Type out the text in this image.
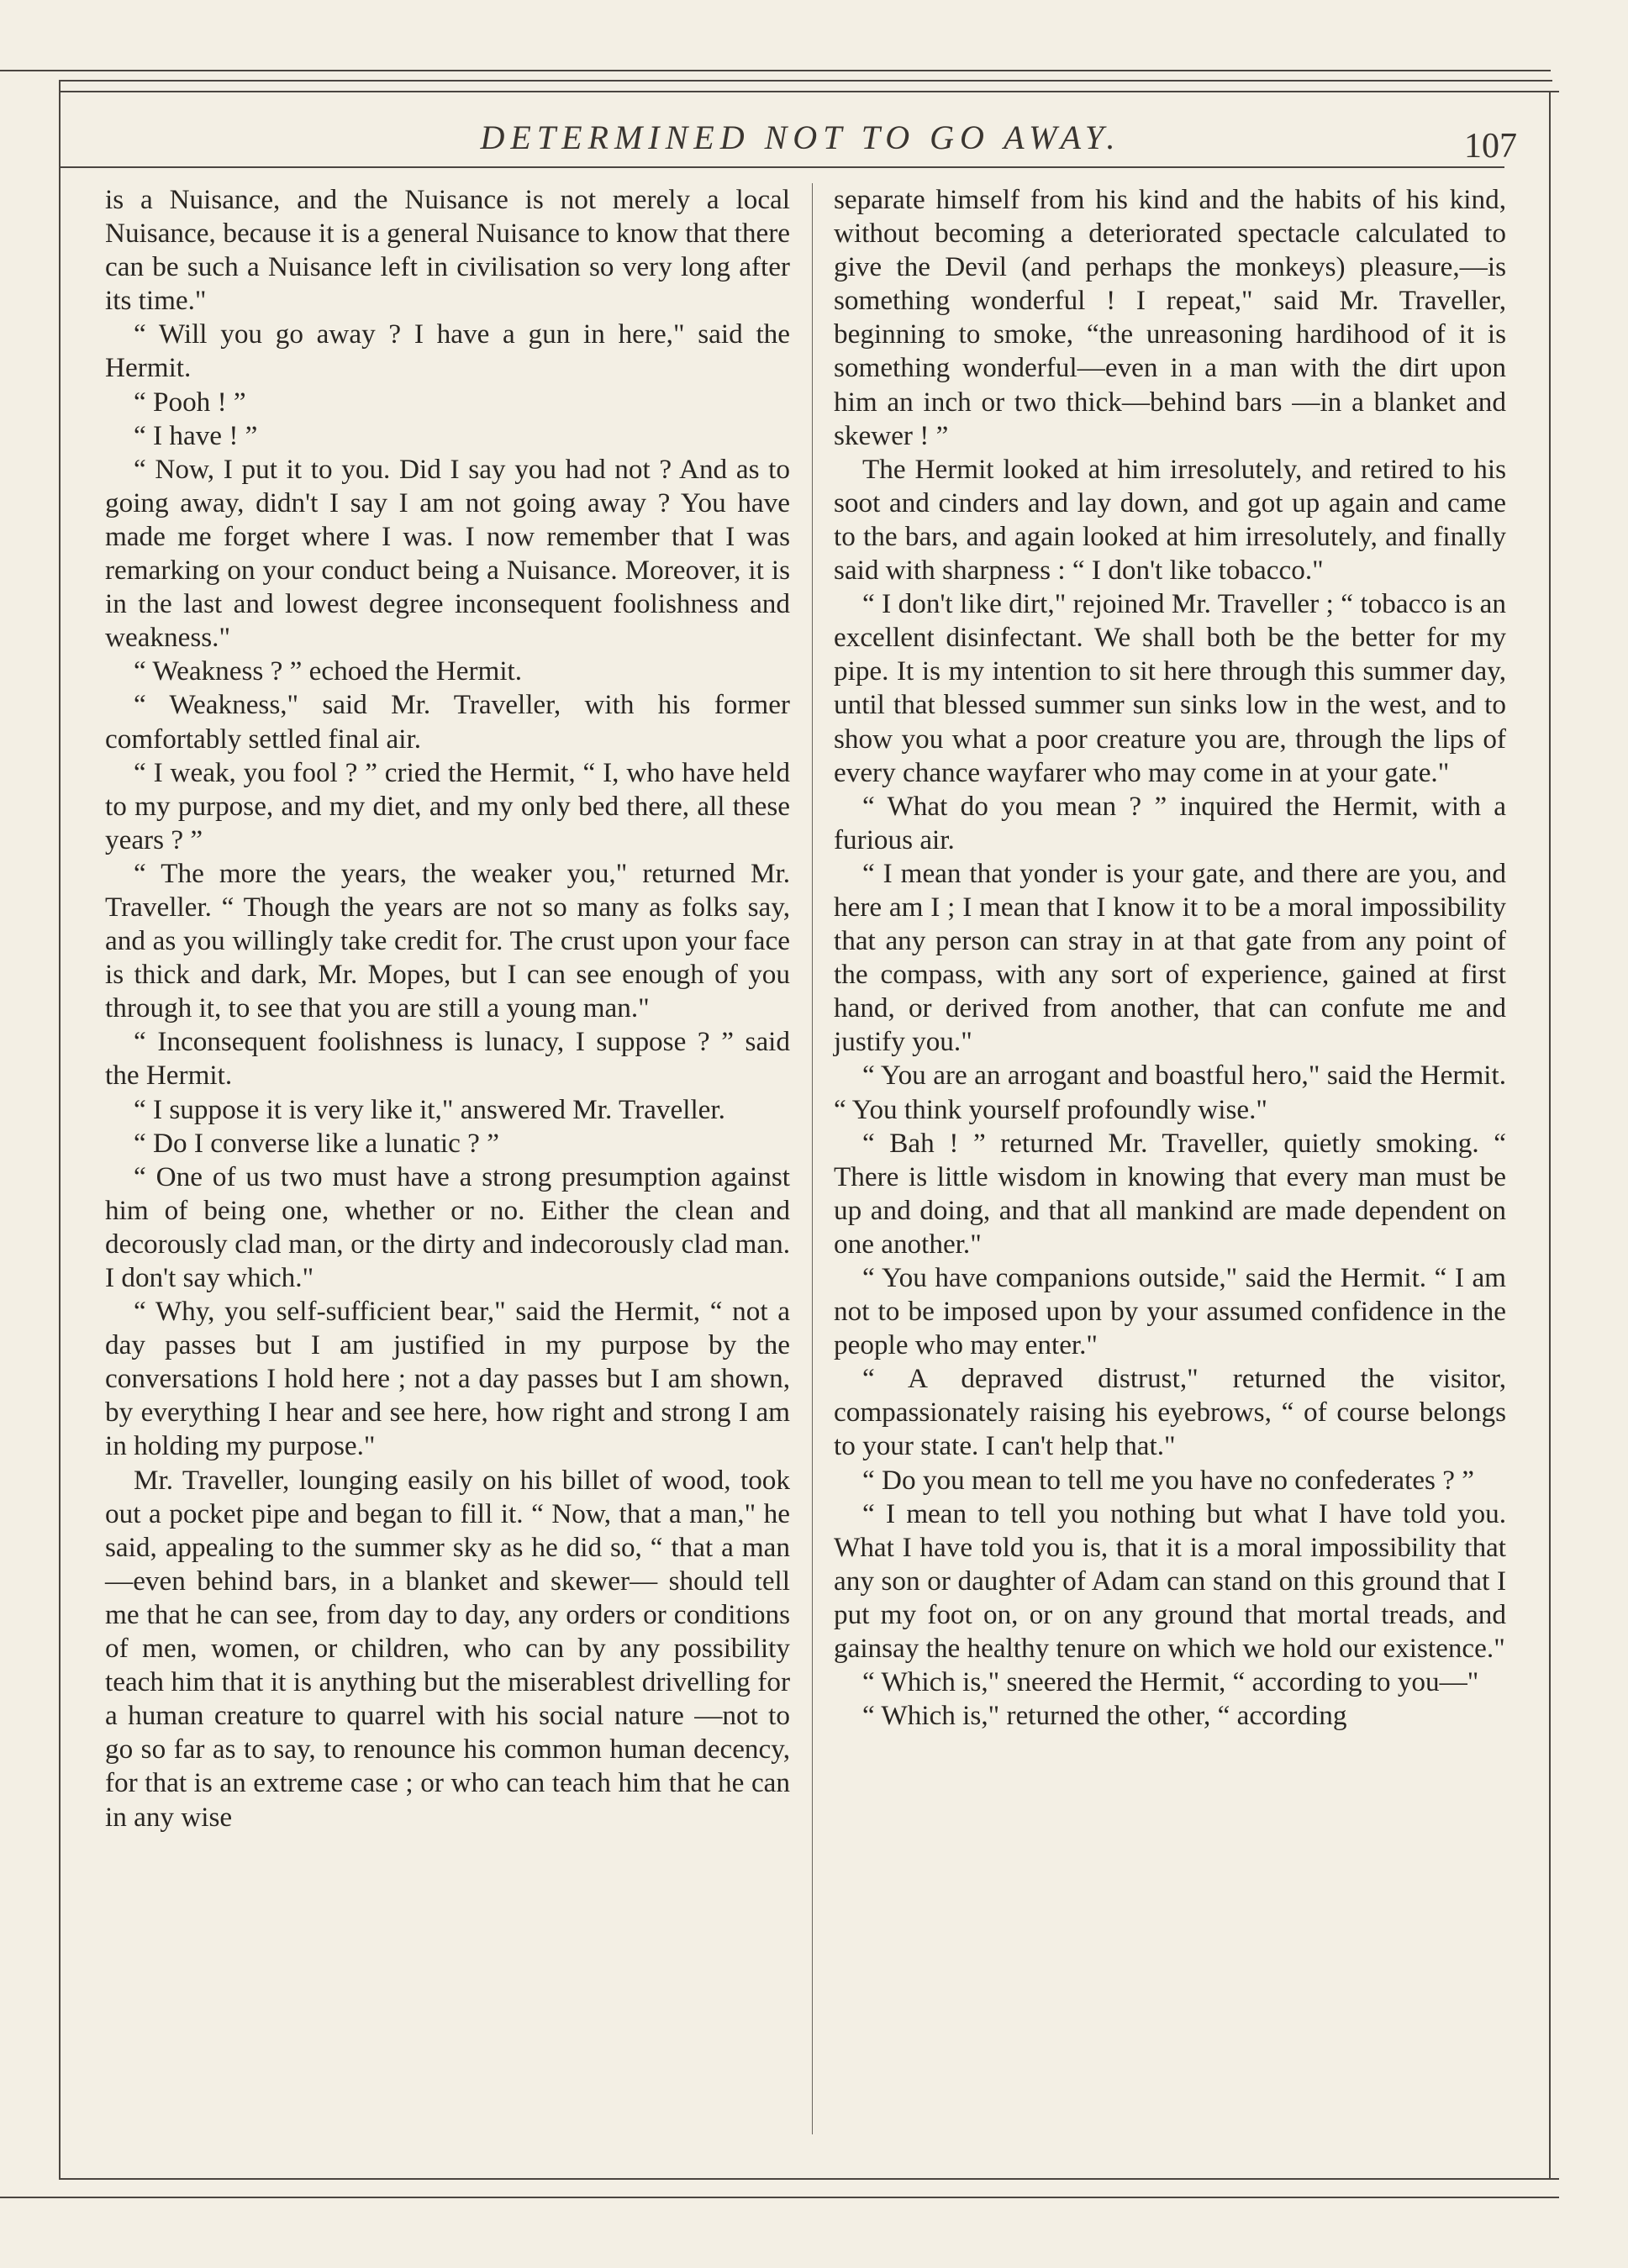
DETERMINED NOT TO GO AWAY.	107

is a Nuisance, and the Nuisance is not merely a local Nuisance, because it is a general Nuisance to know that there can be such a Nuisance left in civilisation so very long after its time."

“ Will you go away ? I have a gun in here," said the Hermit.

“ Pooh ! ”

“ I have ! ”

“ Now, I put it to you. Did I say you had not ? And as to going away, didn't I say I am not going away ? You have made me forget where I was. I now remember that I was remarking on your conduct being a Nuisance. Moreover, it is in the last and lowest degree inconsequent foolishness and weakness."

“ Weakness ? ” echoed the Hermit.

“ Weakness," said Mr. Traveller, with his former comfortably settled final air.

“ I weak, you fool ? ” cried the Hermit, “ I, who have held to my purpose, and my diet, and my only bed there, all these years ? ”

“ The more the years, the weaker you," returned Mr. Traveller. “ Though the years are not so many as folks say, and as you willingly take credit for. The crust upon your face is thick and dark, Mr. Mopes, but I can see enough of you through it, to see that you are still a young man."

“ Inconsequent foolishness is lunacy, I suppose ? ” said the Hermit.

“ I suppose it is very like it," answered Mr. Traveller.

“ Do I converse like a lunatic ? ”

“ One of us two must have a strong presumption against him of being one, whether or no. Either the clean and decorously clad man, or the dirty and indecorously clad man. I don't say which."

“ Why, you self-sufficient bear," said the Hermit, “ not a day passes but I am justified in my purpose by the conversations I hold here ; not a day passes but I am shown, by everything I hear and see here, how right and strong I am in holding my purpose."

Mr. Traveller, lounging easily on his billet of wood, took out a pocket pipe and began to fill it. “ Now, that a man," he said, appealing to the summer sky as he did so, “ that a man —even behind bars, in a blanket and skewer— should tell me that he can see, from day to day, any orders or conditions of men, women, or children, who can by any possibility teach him that it is anything but the miserablest drivelling for a human creature to quarrel with his social nature —not to go so far as to say, to renounce his common human decency, for that is an extreme case ; or who can teach him that he can in any wise

separate himself from his kind and the habits of his kind, without becoming a deteriorated spectacle calculated to give the Devil (and perhaps the monkeys) pleasure,—is something wonderful ! I repeat," said Mr. Traveller, beginning to smoke, “the unreasoning hardihood of it is something wonderful—even in a man with the dirt upon him an inch or two thick—behind bars —in a blanket and skewer ! ”

The Hermit looked at him irresolutely, and retired to his soot and cinders and lay down, and got up again and came to the bars, and again looked at him irresolutely, and finally said with sharpness : “ I don't like tobacco."

“ I don't like dirt," rejoined Mr. Traveller ; “ tobacco is an excellent disinfectant. We shall both be the better for my pipe. It is my intention to sit here through this summer day, until that blessed summer sun sinks low in the west, and to show you what a poor creature you are, through the lips of every chance wayfarer who may come in at your gate."

“ What do you mean ? ” inquired the Hermit, with a furious air.

“ I mean that yonder is your gate, and there are you, and here am I ; I mean that I know it to be a moral impossibility that any person can stray in at that gate from any point of the compass, with any sort of experience, gained at first hand, or derived from another, that can confute me and justify you."

“ You are an arrogant and boastful hero," said the Hermit. “ You think yourself profoundly wise."

“ Bah ! ” returned Mr. Traveller, quietly smoking. “ There is little wisdom in knowing that every man must be up and doing, and that all mankind are made dependent on one another."

“ You have companions outside," said the Hermit. “ I am not to be imposed upon by your assumed confidence in the people who may enter."

“ A depraved distrust," returned the visitor, compassionately raising his eyebrows, “ of course belongs to your state. I can't help that."

“ Do you mean to tell me you have no confederates ? ”

“ I mean to tell you nothing but what I have told you. What I have told you is, that it is a moral impossibility that any son or daughter of Adam can stand on this ground that I put my foot on, or on any ground that mortal treads, and gainsay the healthy tenure on which we hold our existence."

“ Which is," sneered the Hermit, “ according to you—"

“ Which is," returned the other, “ according
